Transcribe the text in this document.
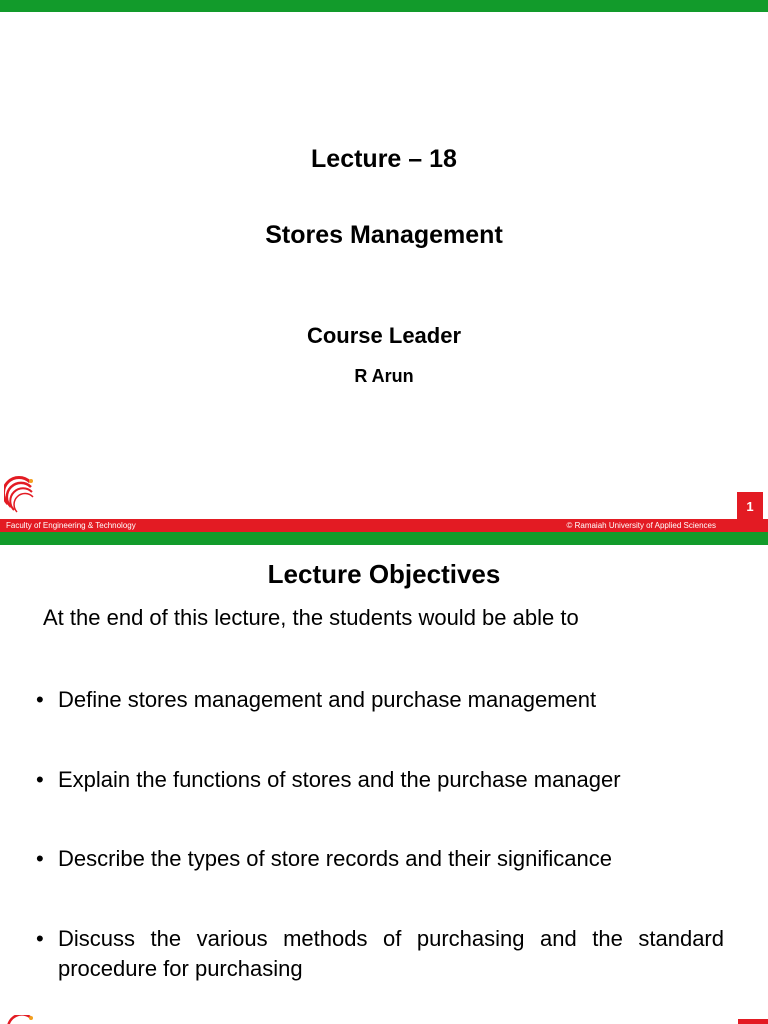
Lecture – 18
Stores Management
Course Leader
R Arun
1
Faculty of Engineering & Technology	© Ramaiah University of Applied Sciences
Lecture Objectives
At the end of this lecture, the students would be able to
• Define stores management and purchase management
• Explain the functions of stores and the purchase manager
• Describe the types of store records and their significance
• Discuss the various methods of purchasing and the standard procedure for purchasing
